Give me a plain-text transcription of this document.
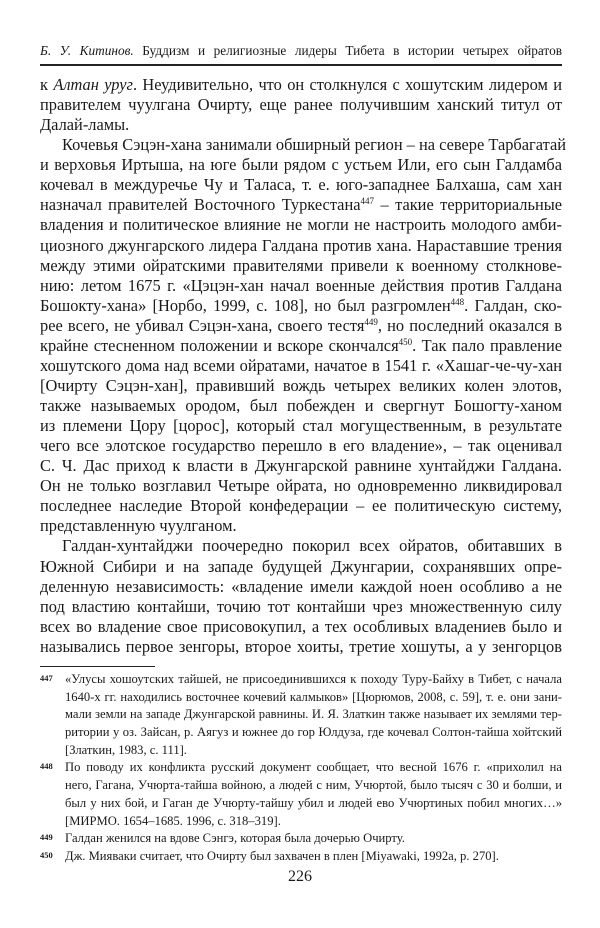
Б. У. Китинов. Буддизм и религиозные лидеры Тибета в истории четырех ойратов
к Алтан уруг. Неудивительно, что он столкнулся с хошутским лидером и
правителем чуулгана Очирту, еще ранее получившим ханский титул от
Далай-ламы.
Кочевья Сэцэн-хана занимали обширный регион – на севере Тарбагатай
и верховья Иртыша, на юге были рядом с устьем Или, его сын Галдамба
кочевал в междуречье Чу и Таласа, т. е. юго-западнее Балхаша, сам хан
назначал правителей Восточного Туркестана$^{447}$ – такие территориальные
владения и политическое влияние не могли не настроить молодого амби-
циозного джунгарского лидера Галдана против хана. Нараставшие трения
между этими ойратскими правителями привели к военному столкнове-
нию: летом 1675 г. «Цэцэн-хан начал военные действия против Галдана
Бошокту-хана» [Норбо, 1999, с. 108], но был разгромлен$^{448}$. Галдан, ско-
рее всего, не убивал Сэцэн-хана, своего тестя$^{449}$, но последний оказался в
крайне стесненном положении и вскоре скончался$^{450}$. Так пало правление
хошутского дома над всеми ойратами, начатое в 1541 г. «Хашаг-че-чу-хан
[Очирту Сэцэн-хан], правивший вождь четырех великих колен элотов,
также называемых ородом, был побежден и свергнут Бошогту-ханом
из племени Цору [цорос], который стал могущественным, в результате
чего все элотское государство перешло в его владение», – так оценивал
С. Ч. Дас приход к власти в Джунгарской равнине хунтайджи Галдана.
Он не только возглавил Четыре ойрата, но одновременно ликвидировал
последнее наследие Второй конфедерации – ее политическую систему,
представленную чуулганом.
Галдан-хунтайджи поочередно покорил всех ойратов, обитавших в
Южной Сибири и на западе будущей Джунгарии, сохранявших опре-
деленную независимость: «владение имели каждой ноен особливо а не
под властию контайши, точию тот контайши чрез множественную силу
всех во владение свое присовокупил, а тех особливых владениев было и
назывались первое зенгоры, второе хоиты, третие хошуты, а у зенгорцов
447 «Улусы хошоутских тайшей, не присоединившихся к походу Туру-Байху в Тибет, с начала
1640-х гг. находились восточнее кочевий калмыков» [Цюрюмов, 2008, с. 59], т. е. они зани-
мали земли на западе Джунгарской равнины. И. Я. Златкин также называет их землями тер-
ритории у оз. Зайсан, р. Аягуз и южнее до гор Юлдуза, где кочевал Солтон-тайша хойтский
[Златкин, 1983, с. 111].
448 По поводу их конфликта русский документ сообщает, что весной 1676 г. «прихолил на
него, Гагана, Учюрта-тайша войною, а людей с ним, Учюртой, было тысяч с 30 и болши, и
был у них бой, и Гаган де Учюрту-тайшу убил и людей ево Учюртиных побил многих…»
[МИРМО. 1654–1685. 1996, с. 318–319].
449 Галдан женился на вдове Сэнгэ, которая была дочерью Очирту.
450 Дж. Мияваки считает, что Очирту был захвачен в плен [Miyawaki, 1992a, p. 270].
226
